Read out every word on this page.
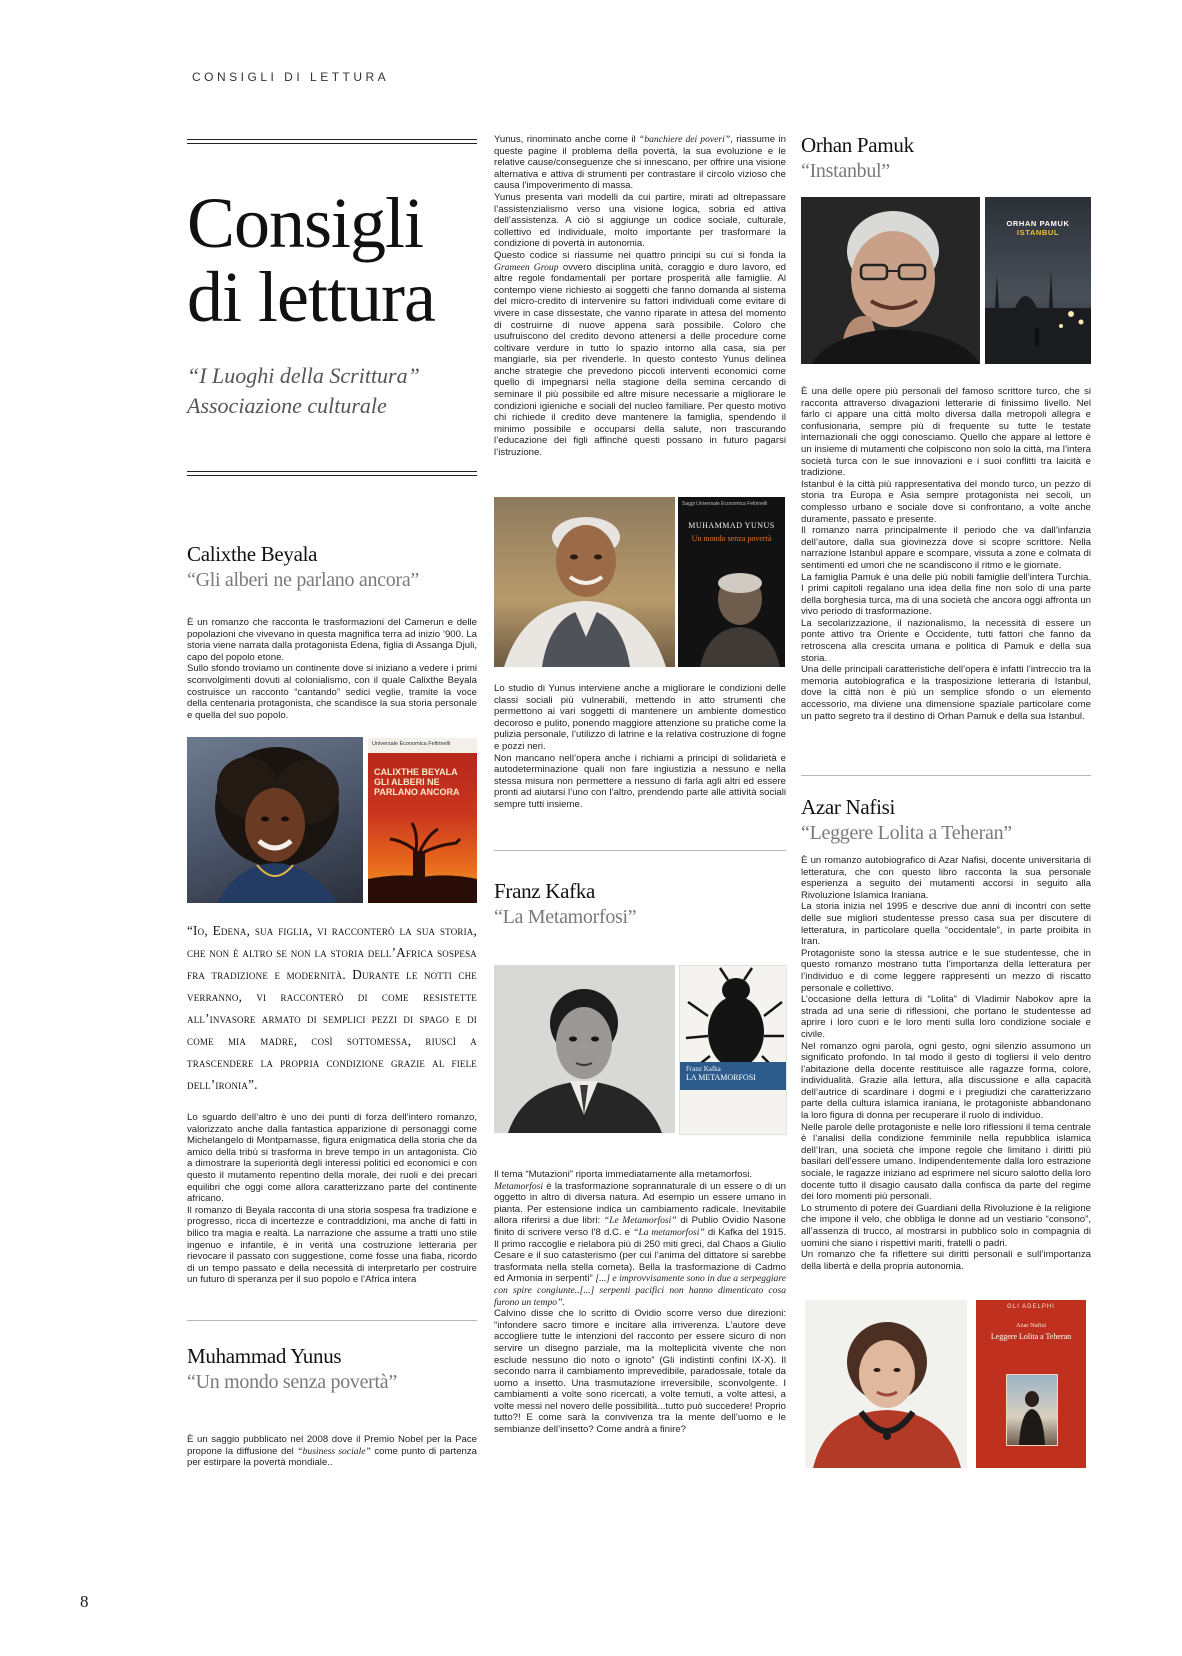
CONSIGLI DI LETTURA
Consigli
di lettura
“I Luoghi della Scrittura”
Associazione culturale
Calixthe Beyala
“Gli alberi ne parlano ancora”

È un romanzo che racconta le trasformazioni del Camerun e delle popolazioni che vivevano in questa magnifica terra ad inizio ’900. La storia viene narrata dalla protagonista Edena, figlia di Assanga Djuli, capo del popolo etone.

Sullo sfondo troviamo un continente dove si iniziano a vedere i primi sconvolgimenti dovuti al colonialismo, con il quale Calixthe Beyala costruisce un racconto “cantando” sedici veglie, tramite la voce della centenaria protagonista, che scandisce la sua storia personale e quella del suo popolo.

Universale Economica Feltrinelli
CALIXTHE BEYALA
GLI ALBERI NE
PARLANO ANCORA
“Io, Edena, sua figlia, vi racconterò la sua storia, che non è altro se non la storia dell’Africa sospesa fra tradizione e modernità. Durante le notti che verranno, vi racconterò di come resistette all’invasore armato di semplici pezzi di spago e di come mia madre, così sottomessa, riuscì a trascendere la propria condizione grazie al fiele dell’ironia”.

Lo sguardo dell’altro è uno dei punti di forza dell’intero romanzo, valorizzato anche dalla fantastica apparizione di personaggi come Michelangelo di Montparnasse, figura enigmatica della storia che da amico della tribù si trasforma in breve tempo in un antagonista. Ciò a dimostrare la superiorità degli interessi politici ed economici e con questo il mutamento repentino della morale, dei ruoli e dei precari equilibri che oggi come allora caratterizzano parte del continente africano.

Il romanzo di Beyala racconta di una storia sospesa fra tradizione e progresso, ricca di incertezze e contraddizioni, ma anche di fatti in bilico tra magia e realtà. La narrazione che assume a tratti uno stile ingenuo e infantile, è in verità una costruzione letteraria per rievocare il passato con suggestione, come fosse una fiaba, ricordo di un tempo passato e della necessità di interpretarlo per costruire un futuro di speranza per il suo popolo e l’Africa intera

Muhammad Yunus
“Un mondo senza povertà”

È un saggio pubblicato nel 2008 dove il Premio Nobel per la Pace propone la diffusione del “business sociale” come punto di partenza per estirpare la povertà mondiale..

Yunus, rinominato anche come il “banchiere dei poveri”, riassume in queste pagine il problema della povertà, la sua evoluzione e le relative cause/conseguenze che si innescano, per offrire una visione alternativa e attiva di strumenti per contrastare il circolo vizioso che causa l’impoverimento di massa.

Yunus presenta vari modelli da cui partire, mirati ad oltrepassare l’assistenzialismo verso una visione logica, sobria ed attiva dell’assistenza. A ciò si aggiunge un codice sociale, culturale, collettivo ed individuale, molto importante per trasformare la condizione di povertà in autonomia.

Questo codice si riassume nei quattro principi su cui si fonda la Grameen Group ovvero disciplina unità, coraggio e duro lavoro, ed altre regole fondamentali per portare prosperità alle famiglie. Al contempo viene richiesto ai soggetti che fanno domanda al sistema del micro-credito di intervenire su fattori individuali come evitare di vivere in case dissestate, che vanno riparate in attesa del momento di costruirne di nuove appena sarà possibile. Coloro che usufruiscono del credito devono attenersi a delle procedure come coltivare verdure in tutto lo spazio intorno alla casa, sia per mangiarle, sia per rivenderle. In questo contesto Yunus delinea anche strategie che prevedono piccoli interventi economici come quello di impegnarsi nella stagione della semina cercando di seminare il più possibile ed altre misure necessarie a migliorare le condizioni igieniche e sociali del nucleo familiare. Per questo motivo chi richiede il credito deve mantenere la famiglia, spendendo il minimo possibile e occuparsi della salute, non trascurando l’educazione dei figli affinché questi possano in futuro pagarsi l’istruzione.

Saggi Universale Economica Feltrinelli
MUHAMMAD YUNUS
Un mondo senza povertà

Lo studio di Yunus interviene anche a migliorare le condizioni delle classi sociali più vulnerabili, mettendo in atto strumenti che permettono ai vari soggetti di mantenere un ambiente domestico decoroso e pulito, ponendo maggiore attenzione su pratiche come la pulizia personale, l’utilizzo di latrine e la relativa costruzione di fogne e pozzi neri.

Non mancano nell’opera anche i richiami a principi di solidarietà e autodeterminazione quali non fare ingiustizia a nessuno e nella stessa misura non permettere a nessuno di farla agli altri ed essere pronti ad aiutarsi l’uno con l’altro, prendendo parte alle attività sociali sempre tutti insieme.

Franz Kafka
“La Metamorfosi”
Franz Kafka
LA METAMORFOSI

Il tema “Mutazioni” riporta immediatamente alla metamorfosi.

Metamorfosi è la trasformazione soprannaturale di un essere o di un oggetto in altro di diversa natura. Ad esempio un essere umano in pianta. Per estensione indica un cambiamento radicale. Inevitabile allora riferirsi a due libri: “Le Metamorfosi” di Publio Ovidio Nasone finito di scrivere verso l’8 d.C. e “La metamorfosi” di Kafka del 1915. Il primo raccoglie e rielabora più di 250 miti greci, dal Chaos a Giulio Cesare e il suo catasterismo (per cui l’anima del dittatore si sarebbe trasformata nella stella cometa). Bella la trasformazione di Cadmo ed Armonia in serpenti” [...] e improvvisamente sono in due a serpeggiare con spire congiunte..[...] serpenti pacifici non hanno dimenticato cosa furono un tempo”.

Calvino disse che lo scritto di Ovidio scorre verso due direzioni: “infondere sacro timore e incitare alla irriverenza. L’autore deve accogliere tutte le intenzioni del racconto per essere sicuro di non servire un disegno parziale, ma la molteplicità vivente che non esclude nessuno dio noto o ignoto” (Gli indistinti confini IX-X). Il secondo narra il cambiamento imprevedibile, paradossale, totale da uomo a insetto. Una trasmutazione irreversibile, sconvolgente. I cambiamenti a volte sono ricercati, a volte temuti, a volte attesi, a volte messi nel novero delle possibilità...tutto può succedere! Proprio tutto?! E come sarà la convivenza tra la mente dell’uomo e le sembianze dell’insetto? Come andrà a finire?

Orhan Pamuk
“Instanbul”
ORHAN PAMUK
ISTANBUL

È una delle opere più personali del famoso scrittore turco, che si racconta attraverso divagazioni letterarie di finissimo livello. Nel farlo ci appare una città molto diversa dalla metropoli allegra e confusionaria, sempre più di frequente su tutte le testate internazionali che oggi conosciamo. Quello che appare al lettore è un insieme di mutamenti che colpiscono non solo la città, ma l’intera società turca con le sue innovazioni e i suoi conflitti tra laicità e tradizione.

Istanbul è la città più rappresentativa del mondo turco, un pezzo di storia tra Europa e Asia sempre protagonista nei secoli, un complesso urbano e sociale dove si confrontano, a volte anche duramente, passato e presente.

Il romanzo narra principalmente il periodo che va dall’infanzia dell’autore, dalla sua giovinezza dove si scopre scrittore. Nella narrazione Istanbul appare e scompare, vissuta a zone e colmata di sentimenti ed umori che ne scandiscono il ritmo e le giornate.

La famiglia Pamuk è una delle più nobili famiglie dell’intera Turchia. I primi capitoli regalano una idea della fine non solo di una parte della borghesia turca, ma di una società che ancora oggi affronta un vivo periodo di trasformazione.

La secolarizzazione, il nazionalismo, la necessità di essere un ponte attivo tra Oriente e Occidente, tutti fattori che fanno da retroscena alla crescita umana e politica di Pamuk e della sua storia.

Una delle principali caratteristiche dell’opera è infatti l’intreccio tra la memoria autobiografica e la trasposizione letteraria di Istanbul, dove la città non è più un semplice sfondo o un elemento accessorio, ma diviene una dimensione spaziale particolare come un patto segreto tra il destino di Orhan Pamuk e della sua Istanbul.

Azar Nafisi
“Leggere Lolita a Teheran”

È un romanzo autobiografico di Azar Nafisi, docente universitaria di letteratura, che con questo libro racconta la sua personale esperienza a seguito dei mutamenti accorsi in seguito alla Rivoluzione Islamica Iraniana.

La storia inizia nel 1995 e descrive due anni di incontri con sette delle sue migliori studentesse presso casa sua per discutere di letteratura, in particolare quella “occidentale”, in parte proibita in Iran.

Protagoniste sono la stessa autrice e le sue studentesse, che in questo romanzo mostrano tutta l’importanza della letteratura per l’individuo e di come leggere rappresenti un mezzo di riscatto personale e collettivo.

L’occasione della lettura di “Lolita” di Vladimir Nabokov apre la strada ad una serie di riflessioni, che portano le studentesse ad aprire i loro cuori e le loro menti sulla loro condizione sociale e civile.

Nel romanzo ogni parola, ogni gesto, ogni silenzio assumono un significato profondo. In tal modo il gesto di togliersi il velo dentro l’abitazione della docente restituisce alle ragazze forma, colore, individualità. Grazie alla lettura, alla discussione e alla capacità dell’autrice di scardinare i dogmi e i pregiudizi che caratterizzano parte della cultura islamica iraniana, le protagoniste abbandonano la loro figura di donna per recuperare il ruolo di individuo.

Nelle parole delle protagoniste e nelle loro riflessioni il tema centrale è l’analisi della condizione femminile nella repubblica islamica dell’Iran, una società che impone regole che limitano i diritti più basilari dell’essere umano. Indipendentemente dalla loro estrazione sociale, le ragazze iniziano ad esprimere nel sicuro salotto della loro docente tutto il disagio causato dalla confisca da parte del regime dei loro momenti più personali.

Lo strumento di potere dei Guardiani della Rivoluzione è la religione che impone il velo, che obbliga le donne ad un vestiario “consono”, all’assenza di trucco, al mostrarsi in pubblico solo in compagnia di uomini che siano i rispettivi mariti, fratelli o padri.

Un romanzo che fa riflettere sui diritti personali e sull’importanza della libertà e della propria autonomia.

GLI ADELPHI
Azar Nafisi
Leggere Lolita a Teheran
8
